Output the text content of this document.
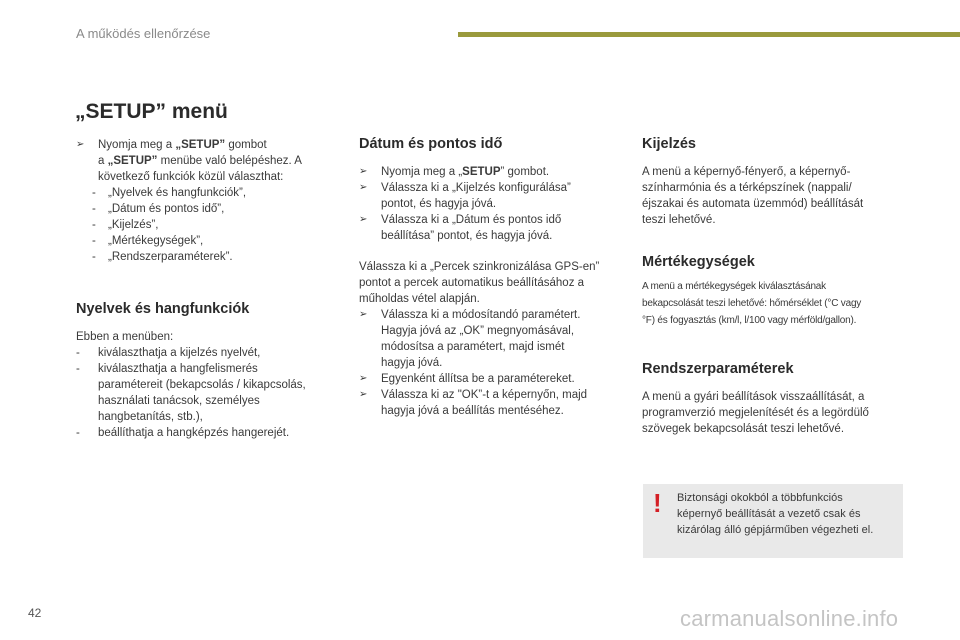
A működés ellenőrzése
„SETUP” menü
➢ Nyomja meg a „SETUP” gombot
a „SETUP” menübe való belépéshez. A
következő funkciók közül választhat:
- „Nyelvek és hangfunkciók”,
- „Dátum és pontos idő”,
- „Kijelzés”,
- „Mértékegységek”,
- „Rendszerparaméterek”.
Nyelvek és hangfunkciók
Ebben a menüben:
- kiválaszthatja a kijelzés nyelvét,
- kiválaszthatja a hangfelismerés
paramétereit (bekapcsolás / kikapcsolás,
használati tanácsok, személyes
hangbetanítás, stb.),
- beállíthatja a hangképzés hangerejét.
Dátum és pontos idő
➢ Nyomja meg a „SETUP” gombot.
➢ Válassza ki a „Kijelzés konfigurálása”
pontot, és hagyja jóvá.
➢ Válassza ki a „Dátum és pontos idő
beállítása” pontot, és hagyja jóvá.
Válassza ki a „Percek szinkronizálása GPS-en”
pontot a percek automatikus beállításához a
műholdas vétel alapján.
➢ Válassza ki a módosítandó paramétert.
Hagyja jóvá az „OK” megnyomásával,
módosítsa a paramétert, majd ismét
hagyja jóvá.
➢ Egyenként állítsa be a paramétereket.
➢ Válassza ki az "OK”-t a képernyőn, majd
hagyja jóvá a beállítás mentéséhez.
Kijelzés
A menü a képernyő-fényerő, a képernyő-
színharmónia és a térképszínek (nappali/
éjszakai és automata üzemmód) beállítását
teszi lehetővé.
Mértékegységek
A menü a mértékegységek kiválasztásának
bekapcsolását teszi lehetővé: hőmérséklet (°C vagy
°F) és fogyasztás (km/l, l/100 vagy mérföld/gallon).
Rendszerparaméterek
A menü a gyári beállítások visszaállítását, a
programverzió megjelenítését és a legördülő
szövegek bekapcsolását teszi lehetővé.
! Biztonsági okokból a többfunkciós
képernyő beállítását a vezető csak és
kizárólag álló gépjárműben végezheti el.
42	carmanualsonline.info
